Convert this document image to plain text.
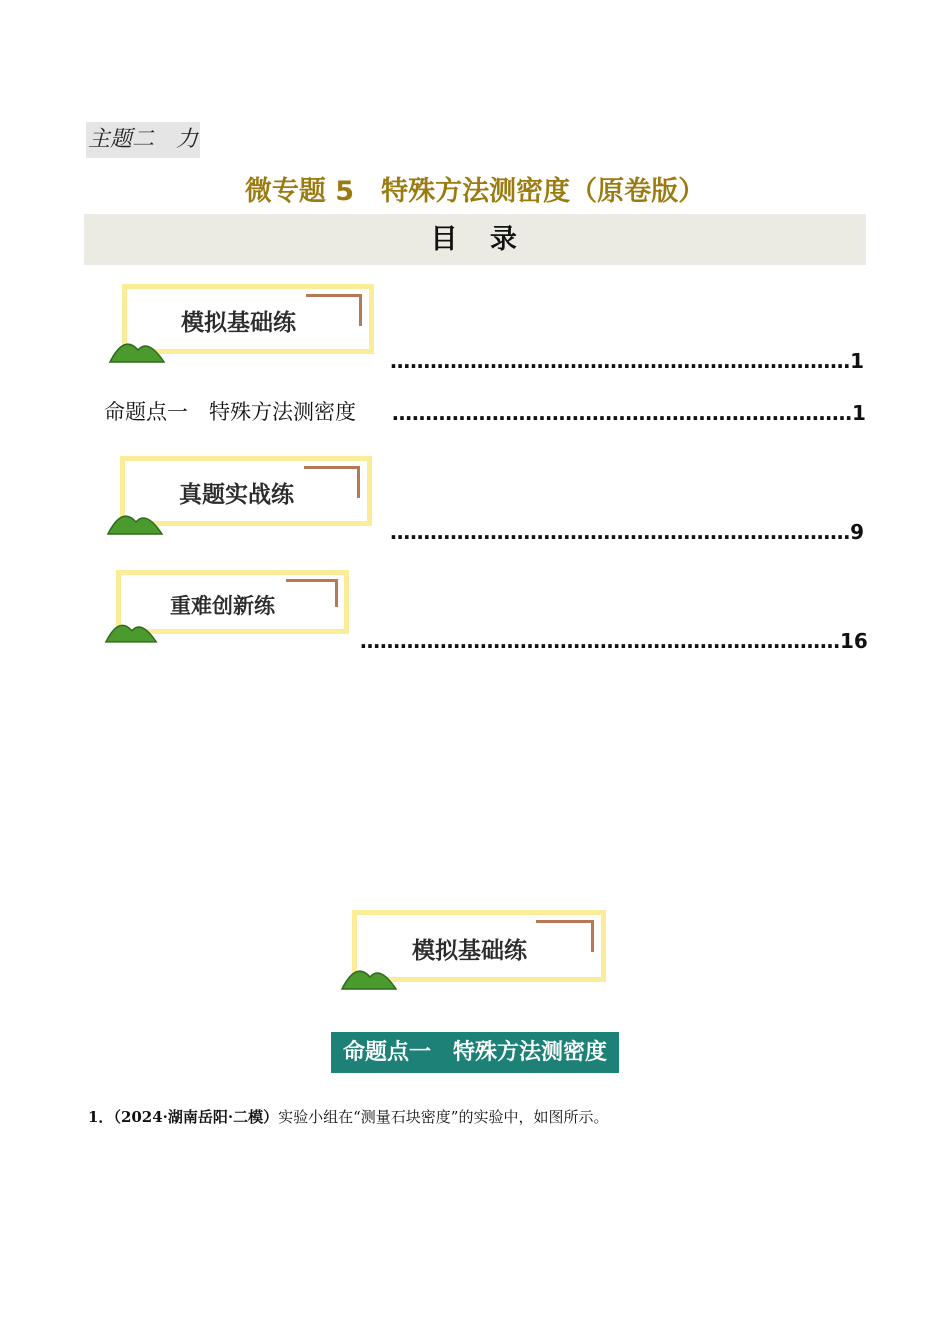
主题二　力
微专题 5　特殊方法测密度（原卷版）
目　录
模拟基础练
……………………………………………………………1
命题点一　特殊方法测密度	……………………………………………………………1
真题实战练
……………………………………………………………9
重难创新练
………………………………………………………………16
模拟基础练
命题点一　特殊方法测密度
1．（2024·湖南岳阳·二模）实验小组在“测量石块密度”的实验中，如图所示。
